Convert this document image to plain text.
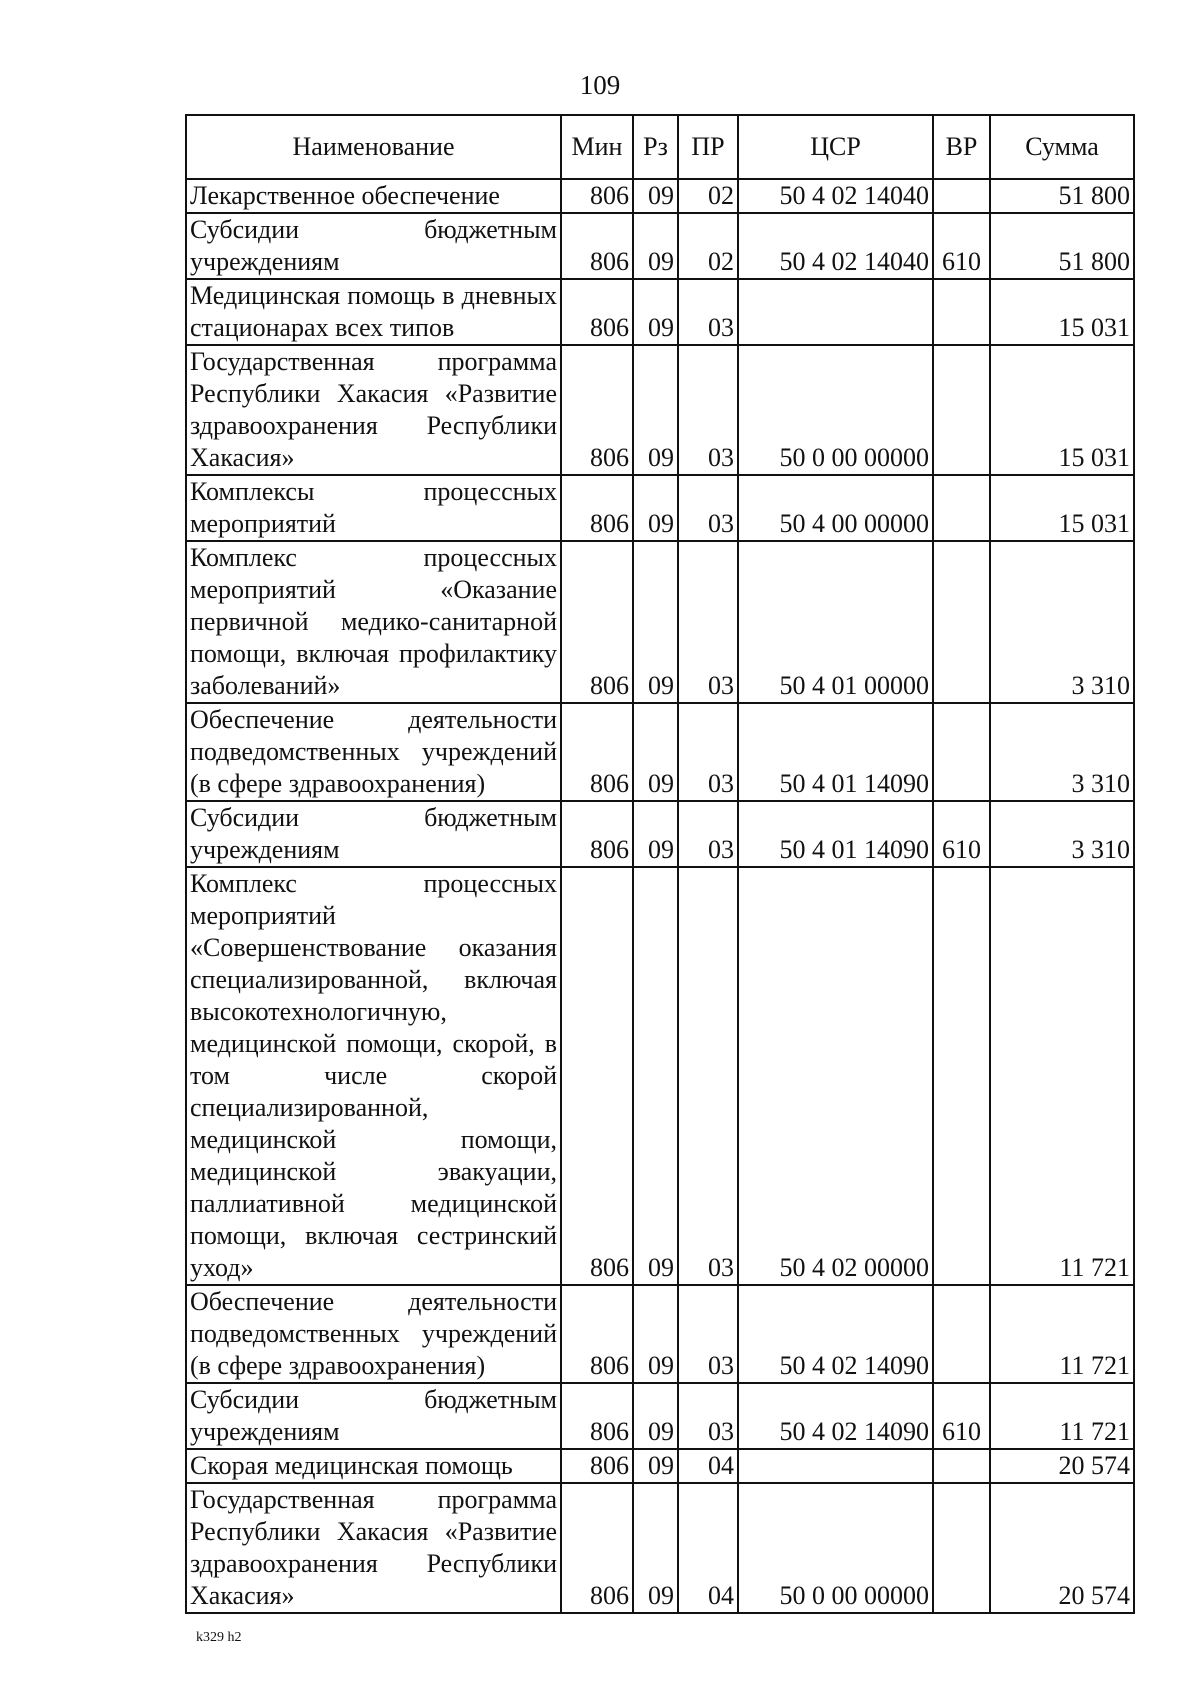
109
Наименование	Мин	Рз	ПР	ЦСР	ВР	Сумма
Лекарственное обеспечение	806	09	02	50 4 02 14040		51 800
Субсидии бюджетным учреждениям	806	09	02	50 4 02 14040	610	51 800
Медицинская помощь в дневных стационарах всех типов	806	09	03			15 031
Государственная программа Республики Хакасия «Развитие здравоохранения Республики Хакасия»	806	09	03	50 0 00 00000		15 031
Комплексы процессных мероприятий	806	09	03	50 4 00 00000		15 031
Комплекс процессных мероприятий «Оказание первичной медико-санитарной помощи, включая профилактику заболеваний»	806	09	03	50 4 01 00000		3 310
Обеспечение деятельности подведомственных учреждений (в сфере здравоохранения)	806	09	03	50 4 01 14090		3 310
Субсидии бюджетным учреждениям	806	09	03	50 4 01 14090	610	3 310
Комплекс процессных мероприятий «Совершенствование оказания специализированной, включая высокотехнологичную, медицинской помощи, скорой, в том числе скорой специализированной, медицинской помощи, медицинской эвакуации, паллиативной медицинской помощи, включая сестринский уход»	806	09	03	50 4 02 00000		11 721
Обеспечение деятельности подведомственных учреждений (в сфере здравоохранения)	806	09	03	50 4 02 14090		11 721
Субсидии бюджетным учреждениям	806	09	03	50 4 02 14090	610	11 721
Скорая медицинская помощь	806	09	04			20 574
Государственная программа Республики Хакасия «Развитие здравоохранения Республики Хакасия»	806	09	04	50 0 00 00000		20 574
k329 h2
